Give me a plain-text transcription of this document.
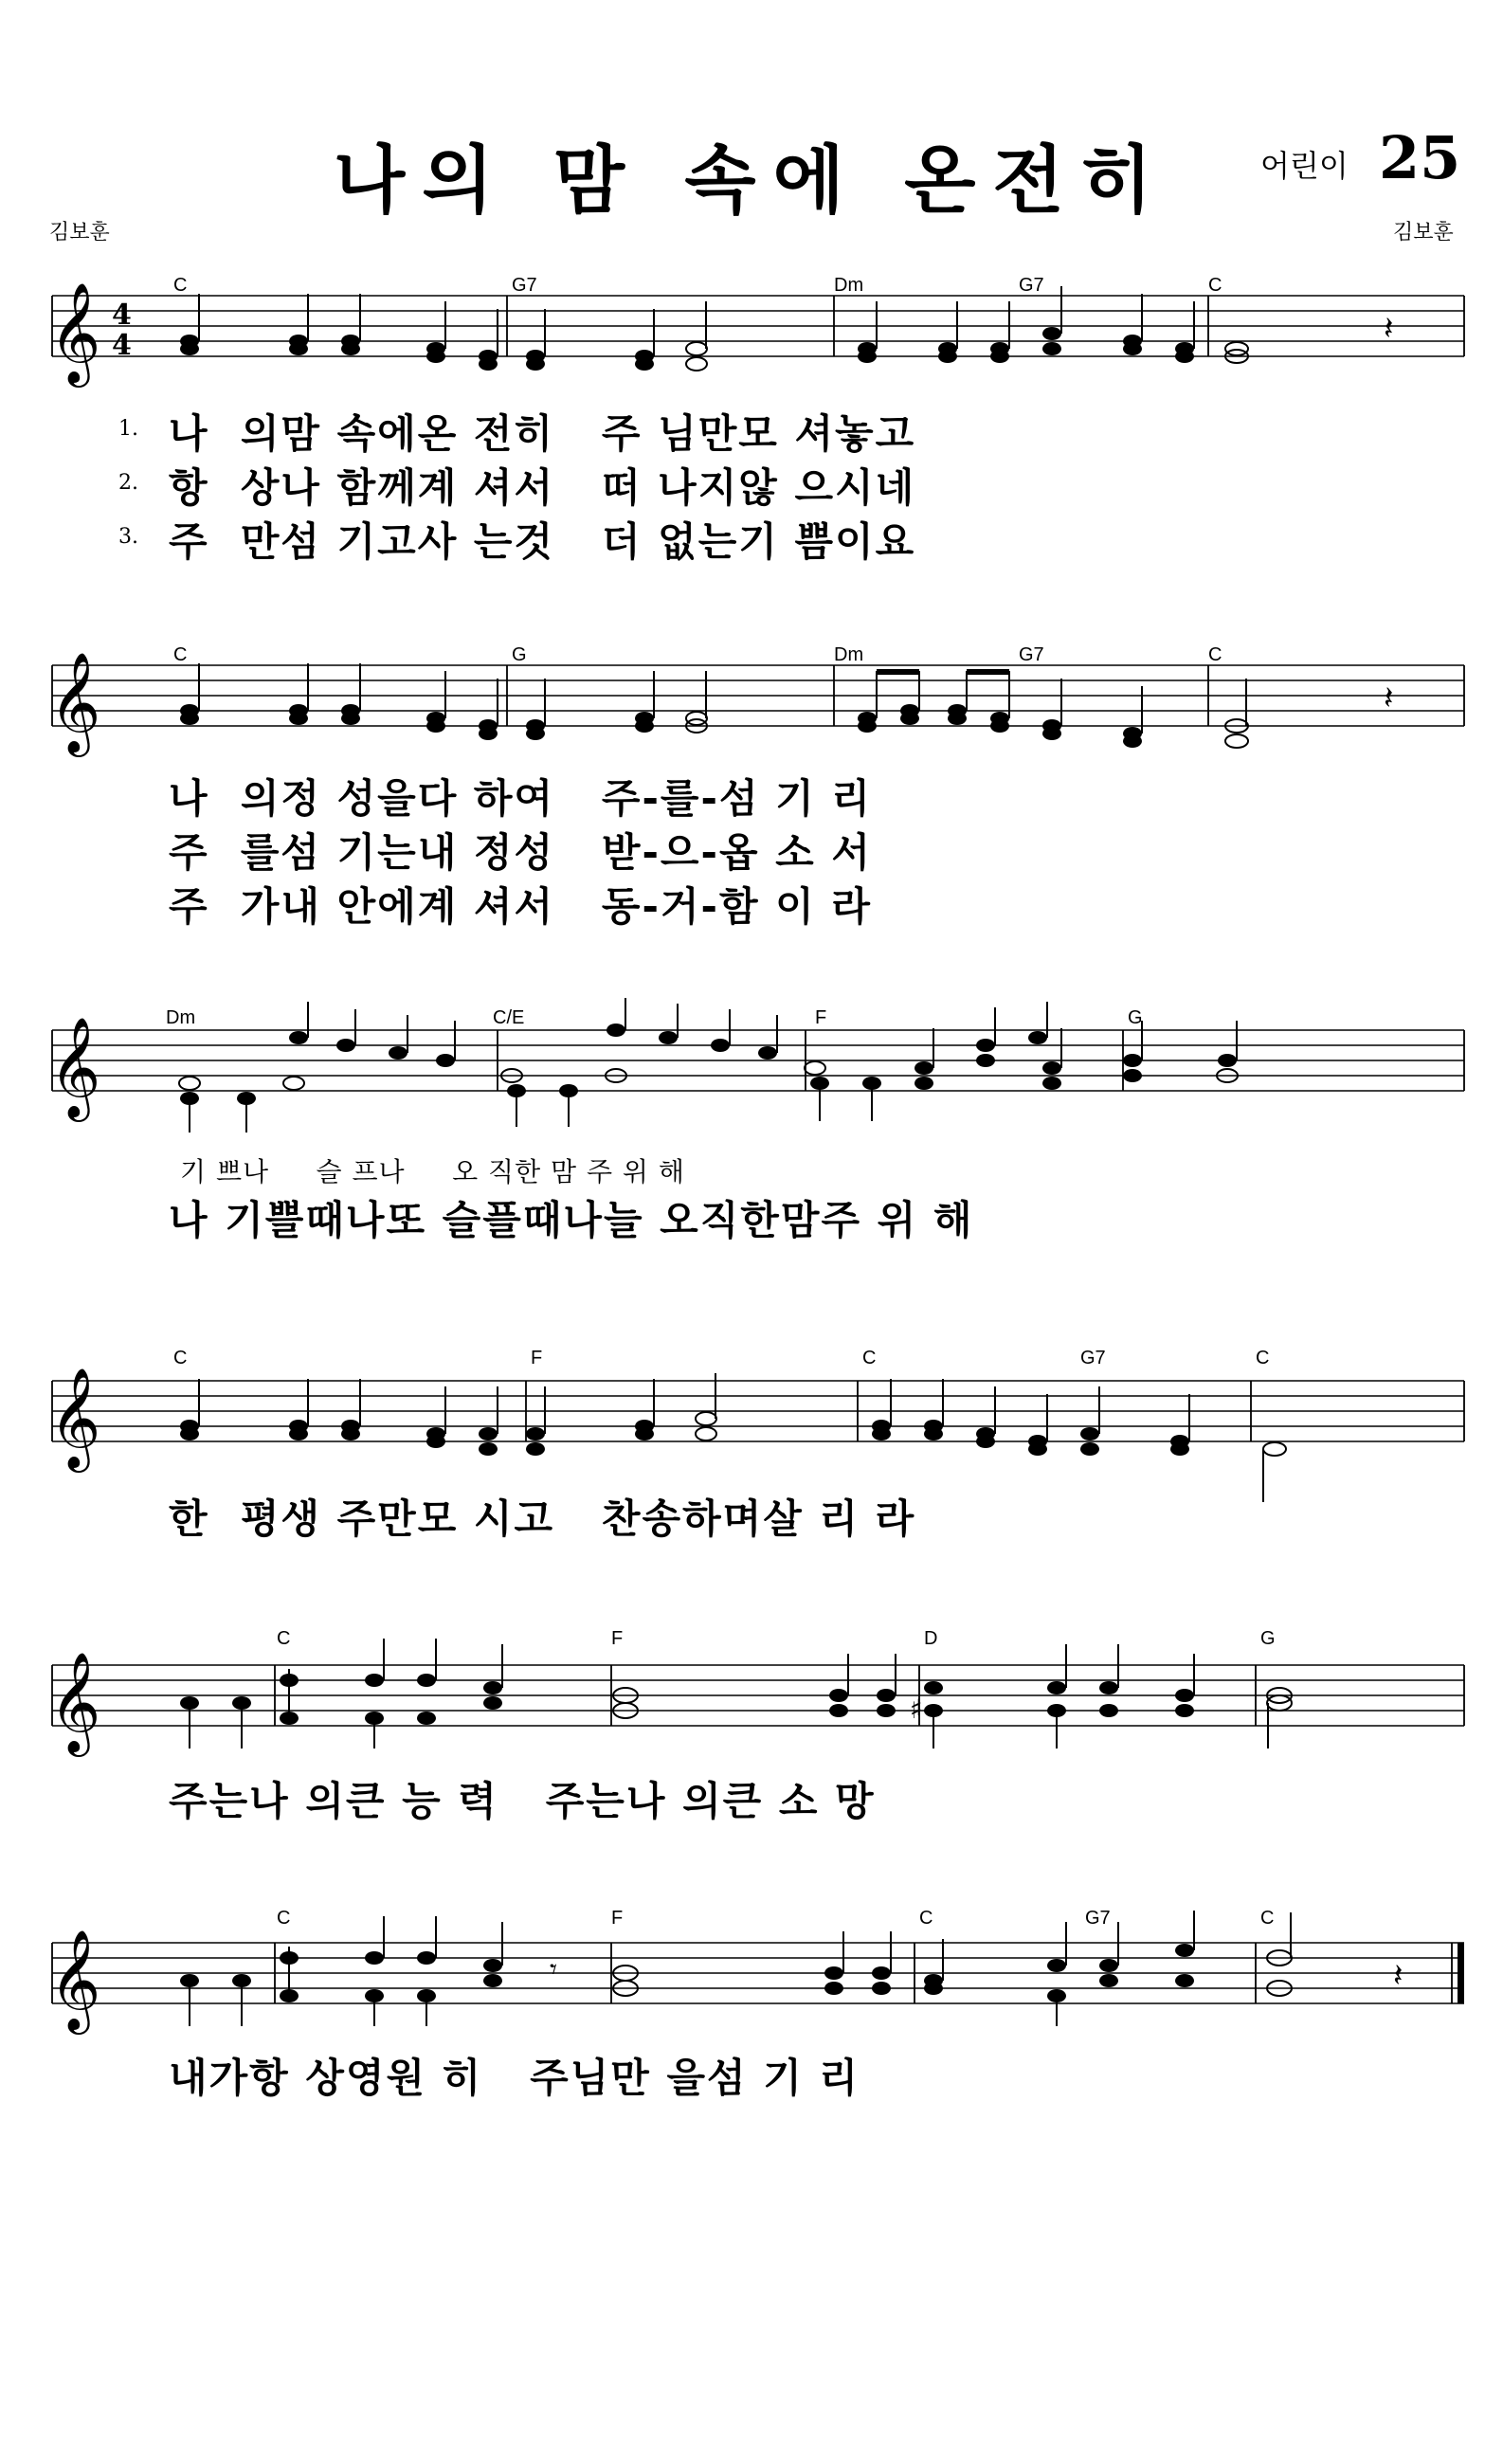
나의 맘 속에 온전히	어린이 25
김보훈	김보훈
𝄞 4
4	𝄽
C	G7	Dm	G7	C
1.
2.
3.
나  의맘 속에온 전히   주 님만모 셔놓고
항  상나 함께계 셔서   떠 나지않 으시네
주  만섬 기고사 는것   더 없는기 쁨이요
𝄞	𝄽
C	G	Dm	G7	C
나  의정 성을다 하여   주-를-섬 기 리
주  를섬 기는내 정성   받-으-옵 소 서
주  가내 안에계 셔서   동-거-함 이 라
𝄞	Dm	C/E	F	G
기 쁘나     슬 프나     오 직한 맘 주 위 해
나 기쁠때나또 슬플때나늘 오직한맘주 위 해
𝄞
C	F	C	G7	C
한  평생 주만모 시고   찬송하며살 리 라
𝄞	♯
C	F	D	G
주는나 의큰 능 력   주는나 의큰 소 망
𝄞	𝄾	𝄽
C	F	C	G7	C
내가항 상영원 히   주님만 을섬 기 리
